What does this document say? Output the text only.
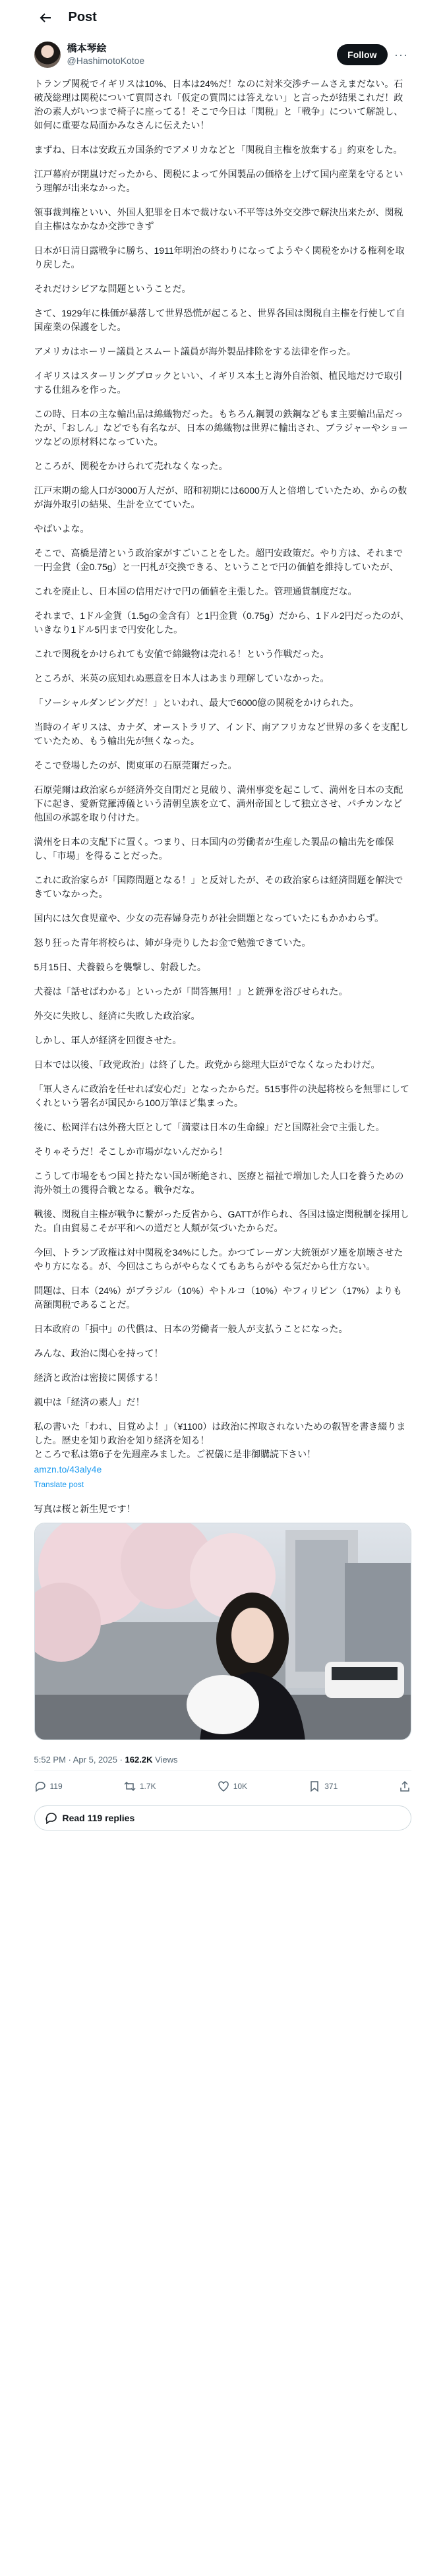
Post
橋本琴絵
@HashimotoKotoe
Follow	···

トランプ関税でイギリスは10%、日本は24%だ！なのに対米交渉チームさえまだない。石破茂総理は関税について質問され「仮定の質問には答えない」と言ったが結果これだ！政治の素人がいつまで椅子に座ってる！そこで今日は「関税」と「戦争」について解説し、如何に重要な局面かみなさんに伝えたい！

まずね、日本は安政五カ国条約でアメリカなどと「関税自主権を放棄する」約束をした。

江戸幕府が閉嵐けだったから、関税によって外国製品の価格を上げて国内産業を守るという理解が出来なかった。

領事裁判権といい、外国人犯罪を日本で裁けない不平等は外交交渉で解決出来たが、関税自主権はなかなか交渉できず

日本が日清日露戦争に勝ち、1911年明治の終わりになってようやく関税をかける権利を取り戻した。

それだけシビアな問題ということだ。

さて、1929年に株価が暴落して世界恐慌が起こると、世界各国は関税自主権を行使して自国産業の保護をした。

アメリカはホーリー議員とスムート議員が海外製品排除をする法律を作った。

イギリスはスターリングブロックといい、イギリス本土と海外自治領、植民地だけで取引する仕組みを作った。

この時、日本の主な輸出品は綿織物だった。もちろん鋼製の鉄鋼などもま主要輸出品だったが、「おしん」などでも有名なが、日本の綿織物は世界に輸出され、ブラジャーやショーツなどの原材料になっていた。

ところが、関税をかけられて売れなくなった。

江戸末期の総人口が3000万人だが、昭和初期には6000万人と倍増していたため、からの数が海外取引の結果、生計を立てていた。

やばいよな。

そこで、高橋是清という政治家がすごいことをした。超円安政策だ。やり方は、それまで一円金貨（金0.75g）と一円札が交換できる、ということで円の価値を維持していたが、

これを廃止し、日本国の信用だけで円の価値を主張した。管理通貨制度だな。

それまで、1ドル金貨（1.5gの金含有）と1円金貨（0.75g）だから、1ドル2円だったのが、いきなり1ドル5円まで円安化した。

これで関税をかけられても安値で綿織物は売れる！という作戦だった。

ところが、米英の底知れぬ悪意を日本人はあまり理解していなかった。

「ソーシャルダンピングだ！」といわれ、最大で6000億の関税をかけられた。

当時のイギリスは、カナダ、オーストラリア、インド、南アフリカなど世界の多くを支配していたため、もう輸出先が無くなった。

そこで登場したのが、関東軍の石原莞爾だった。

石原莞爾は政治家らが経済外交自閉だと見破り、満州事変を起こして、満州を日本の支配下に起き、愛新覚羅溥儀という清朝皇族を立て、満州帝国として独立させ、パチカンなど他国の承認を取り付けた。

満州を日本の支配下に置く。つまり、日本国内の労働者が生産した製品の輸出先を確保し、「市場」を得ることだった。

これに政治家らが「国際問題となる！」と反対したが、その政治家らは経済問題を解決できていなかった。

国内には欠食児童や、少女の売春婦身売りが社会問題となっていたにもかかわらず。

怒り狂った青年将校らは、姉が身売りしたお金で勉強できていた。

5月15日、犬養毅らを襲撃し、射殺した。

犬養は「話せばわかる」といったが「問答無用！」と銃弾を浴びせられた。

外交に失敗し、経済に失敗した政治家。

しかし、軍人が経済を回復させた。

日本では以後、「政党政治」は終了した。政党から総理大臣がでなくなったわけだ。

「軍人さんに政治を任せれば安心だ」となったからだ。515事件の決起将校らを無罪にしてくれという署名が国民から100万筆ほど集まった。

後に、松岡洋右は外務大臣として「満蒙は日本の生命線」だと国際社会で主張した。

そりゃそうだ！そこしか市場がないんだから！

こうして市場をもつ国と持たない国が断絶され、医療と福祉で増加した人口を養うための海外領土の獲得合戦となる。戦争だな。

戦後、関税自主権が戦争に繋がった反省から、GATTが作られ、各国は協定関税制を採用した。自由貿易こそが平和への道だと人類が気づいたからだ。

今回、トランプ政権は対中関税を34%にした。かつてレーガン大統領がソ連を崩壊させたやり方になる。が、今回はこちらがやらなくてもあちらがやる気だから仕方ない。

問題は、日本（24%）がブラジル（10%）やトルコ（10%）やフィリピン（17%）よりも高額関税であることだ。

日本政府の「損中」の代償は、日本の労働者一般人が支払うことになった。

みんな、政治に関心を持って！

経済と政治は密接に関係する！

親中は「経済の素人」だ！

私の書いた「われ、目覚めよ！」（¥1100）は政治に搾取されないための叡智を書き綴りました。歴史を知り政治を知り経済を知る！
ところで私は第6子を先週産みました。ご祝儀に是非御購読下さい！

amzn.to/43aly4e

Translate post

写真は桜と新生児です！

5:52 PM · Apr 5, 2025 · 162.2K Views
119	1.7K	10K	371
Read 119 replies
